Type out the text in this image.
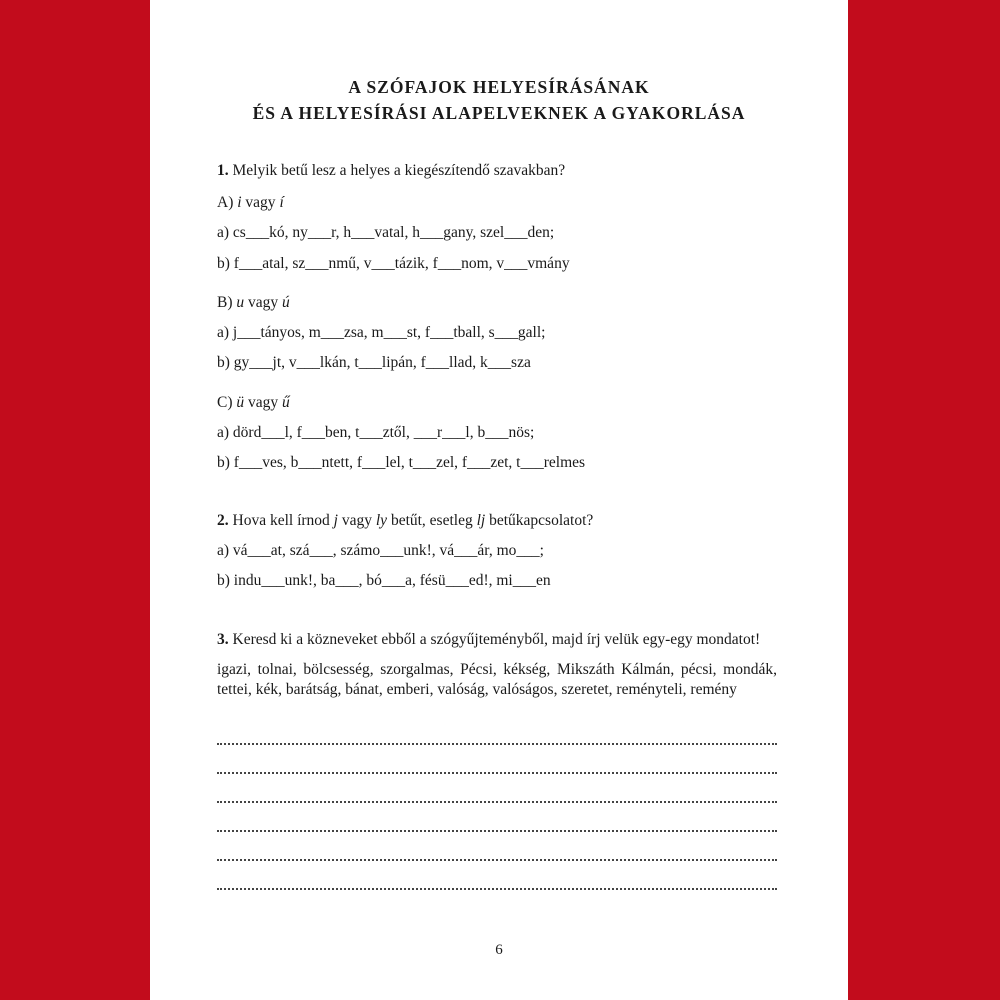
A SZÓFAJOK HELYESÍRÁSÁNAK
ÉS A HELYESÍRÁSI ALAPELVEKNEK A GYAKORLÁSA
1. Melyik betű lesz a helyes a kiegészítendő szavakban?
A) i vagy í
a) cs___kó, ny___r, h___vatal, h___gany, szel___den;
b) f___atal, sz___nmű, v___tázik, f___nom, v___vmány
B) u vagy ú
a) j___tányos, m___zsa, m___st, f___tball, s___gall;
b) gy___jt, v___lkán, t___lipán, f___llad, k___sza
C) ü vagy ű
a) dörd___l, f___ben, t___ztől, ___r___l, b___nös;
b) f___ves, b___ntett, f___lel, t___zel, f___zet, t___relmes
2. Hova kell írnod j vagy ly betűt, esetleg lj betűkapcsolatot?
a) vá___at, szá___, számo___unk!, vá___ár, mo___;
b) indu___unk!, ba___, bó___a, fésü___ed!, mi___en
3. Keresd ki a közneveket ebből a szógyűjteményből, majd írj velük egy-egy mondatot!
igazi, tolnai, bölcsesség, szorgalmas, Pécsi, kékség, Mikszáth Kálmán, pécsi, mondák, tettei, kék, barátság, bánat, emberi, valóság, valóságos, szeretet, reményteli, remény
6
